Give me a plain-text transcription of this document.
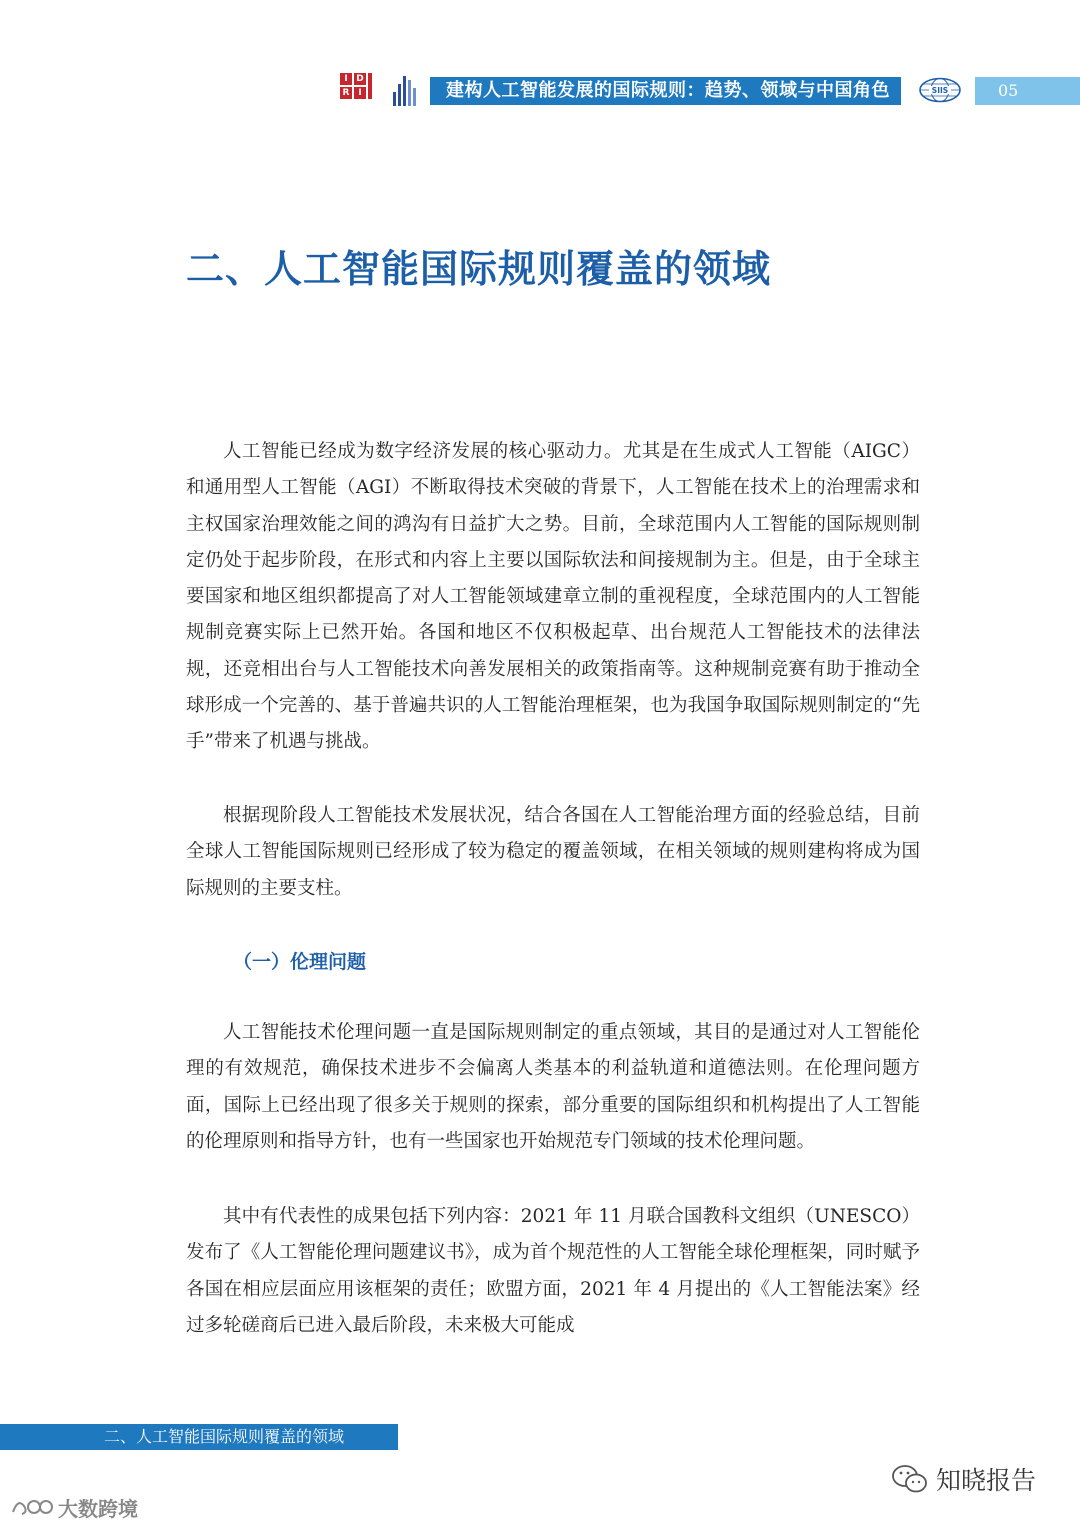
I D
R I	建构人工智能发展的国际规则：趋势、领域与中国角色	SIIS	05
二、人工智能国际规则覆盖的领域

人工智能已经成为数字经济发展的核心驱动力。尤其是在生成式人工智能（AIGC）和通用型人工智能（AGI）不断取得技术突破的背景下，人工智能在技术上的治理需求和主权国家治理效能之间的鸿沟有日益扩大之势。目前，全球范围内人工智能的国际规则制定仍处于起步阶段，在形式和内容上主要以国际软法和间接规制为主。但是，由于全球主要国家和地区组织都提高了对人工智能领域建章立制的重视程度，全球范围内的人工智能规制竞赛实际上已然开始。各国和地区不仅积极起草、出台规范人工智能技术的法律法规，还竞相出台与人工智能技术向善发展相关的政策指南等。这种规制竞赛有助于推动全球形成一个完善的、基于普遍共识的人工智能治理框架，也为我国争取国际规则制定的“先手”带来了机遇与挑战。

根据现阶段人工智能技术发展状况，结合各国在人工智能治理方面的经验总结，目前全球人工智能国际规则已经形成了较为稳定的覆盖领域，在相关领域的规则建构将成为国际规则的主要支柱。

（一）伦理问题

人工智能技术伦理问题一直是国际规则制定的重点领域，其目的是通过对人工智能伦理的有效规范，确保技术进步不会偏离人类基本的利益轨道和道德法则。在伦理问题方面，国际上已经出现了很多关于规则的探索，部分重要的国际组织和机构提出了人工智能的伦理原则和指导方针，也有一些国家也开始规范专门领域的技术伦理问题。

其中有代表性的成果包括下列内容：2021 年 11 月联合国教科文组织（UNESCO）发布了《人工智能伦理问题建议书》，成为首个规范性的人工智能全球伦理框架，同时赋予各国在相应层面应用该框架的责任；欧盟方面，2021 年 4 月提出的《人工智能法案》经过多轮磋商后已进入最后阶段，未来极大可能成

二、人工智能国际规则覆盖的领域
知晓报告
大数跨境
